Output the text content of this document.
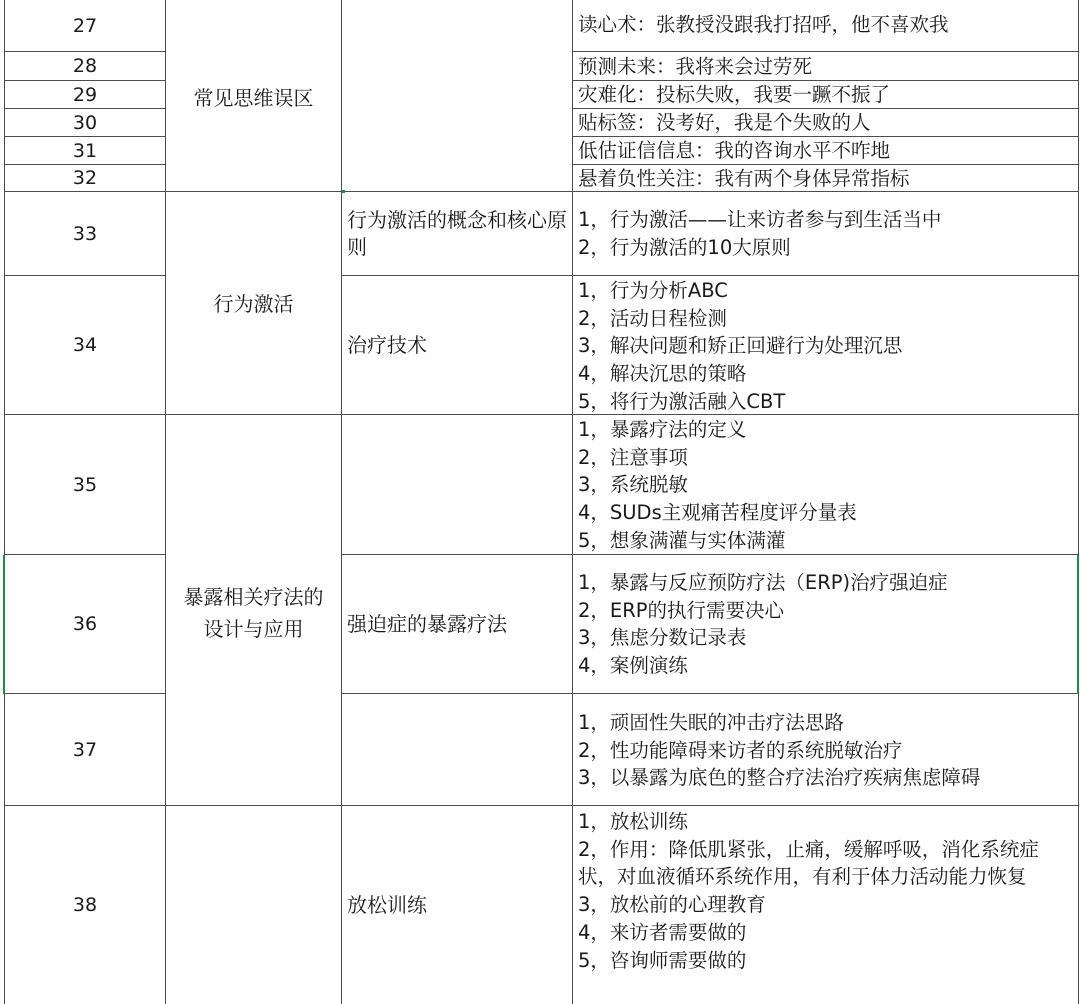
27
28
29
30
31
32
33
34
35
36
37
38
常见思维误区
行为激活
暴露相关疗法的设计与应用
行为激活的概念和核心原则
治疗技术
强迫症的暴露疗法
放松训练
读心术：张教授没跟我打招呼，他不喜欢我
预测未来：我将来会过劳死
灾难化：投标失败，我要一蹶不振了
贴标签：没考好，我是个失败的人
低估证信信息：我的咨询水平不咋地
悬着负性关注：我有两个身体异常指标
1，行为激活——让来访者参与到生活当中
2，行为激活的10大原则
1，行为分析ABC
2，活动日程检测
3，解决问题和矫正回避行为处理沉思
4，解决沉思的策略
5，将行为激活融入CBT
1，暴露疗法的定义
2，注意事项
3，系统脱敏
4，SUDs主观痛苦程度评分量表
5，想象满灌与实体满灌
1，暴露与反应预防疗法（ERP)治疗强迫症
2，ERP的执行需要决心
3，焦虑分数记录表
4，案例演练
1，顽固性失眠的冲击疗法思路
2，性功能障碍来访者的系统脱敏治疗
3，以暴露为底色的整合疗法治疗疾病焦虑障碍
1，放松训练
2，作用：降低肌紧张，止痛，缓解呼吸，消化系统症状，对血液循环系统作用，有利于体力活动能力恢复
3，放松前的心理教育
4，来访者需要做的
5，咨询师需要做的
